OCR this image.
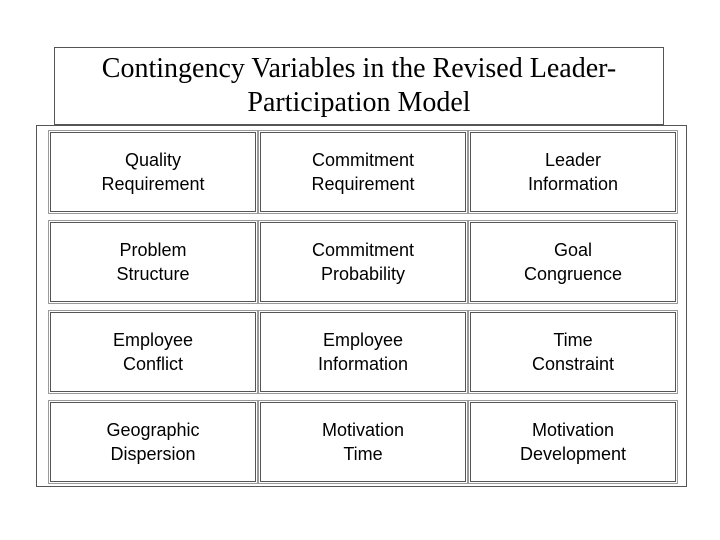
Contingency Variables in the Revised Leader-
Participation Model
Quality
Requirement
Commitment
Requirement
Leader
Information
Problem
Structure
Commitment
Probability
Goal
Congruence
Employee
Conflict
Employee
Information
Time
Constraint
Geographic
Dispersion
Motivation
Time
Motivation
Development
